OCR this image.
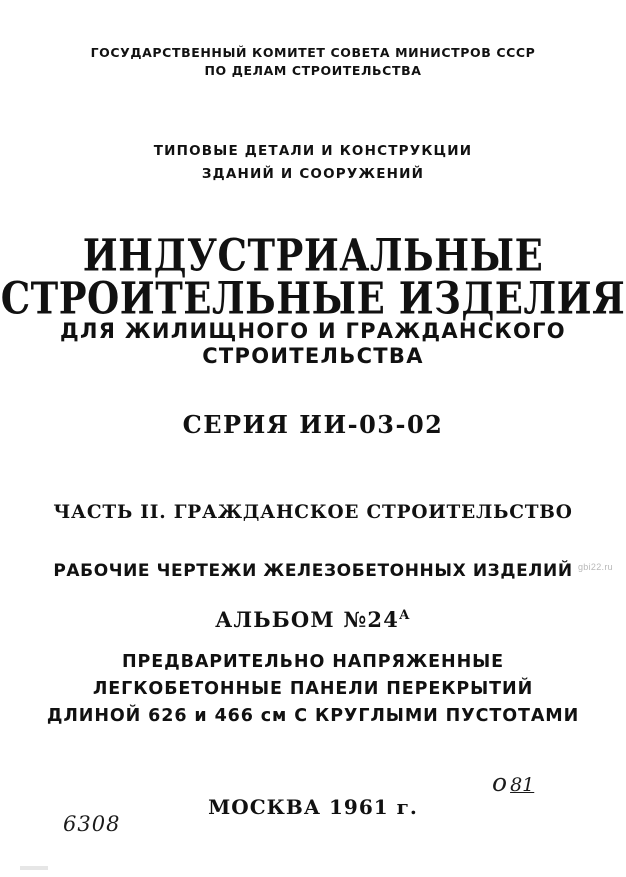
ГОСУДАРСТВЕННЫЙ КОМИТЕТ СОВЕТА МИНИСТРОВ СССР
ПО ДЕЛАМ СТРОИТЕЛЬСТВА
ТИПОВЫЕ ДЕТАЛИ И КОНСТРУКЦИИ
ЗДАНИЙ И СООРУЖЕНИЙ
ИНДУСТРИАЛЬНЫЕ
СТРОИТЕЛЬНЫЕ ИЗДЕЛИЯ
ДЛЯ ЖИЛИЩНОГО И ГРАЖДАНСКОГО
СТРОИТЕЛЬСТВА
СЕРИЯ ИИ-03-02
ЧАСТЬ II. ГРАЖДАНСКОЕ СТРОИТЕЛЬСТВО
РАБОЧИЕ ЧЕРТЕЖИ ЖЕЛЕЗОБЕТОННЫХ ИЗДЕЛИЙ
АЛЬБОМ $№24^А$
ПРЕДВАРИТЕЛЬНО НАПРЯЖЕННЫЕ
ЛЕГКОБЕТОННЫЕ ПАНЕЛИ ПЕРЕКРЫТИЙ
ДЛИНОЙ 626 и 466 см С КРУГЛЫМИ ПУСТОТАМИ
МОСКВА 1961 г.
6308
о 81
gbi22.ru
